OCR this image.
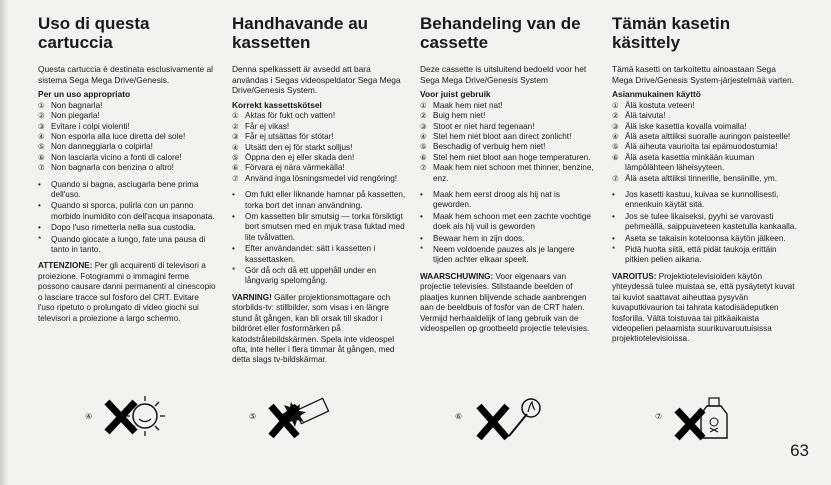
Uso di questa cartuccia

Questa cartuccia è destinata esclusivamente al sistema Sega Mega Drive/Genesis.

Per un uso appropriato

① Non bagnarla!
② Non piegarla!
③ Evitare i colpi violenti!
④ Non esporla alla luce diretta del sole!
⑤ Non danneggiarla o colpirla!
⑥ Non lasciarla vicino a fonti di calore!
⑦ Non bagnarla con benzina o altro!
•	Quando si bagna, asciugarla bene prima dell'uso.
•	Quando si sporca, pulirla con un panno morbido inumidito con dell'acqua insaponata.
•	Dopo l'uso rimetterla nella sua custodia.
*	Quando giocate a lungo, fate una pausa di tanto in tanto.

ATTENZIONE: Per gli acquirenti di televisori a proiezione. Fotogrammi o immagini ferme possono causare danni permanenti al cinescopio o lasciare tracce sul fosforo del CRT. Evitare l'uso ripetuto o prolungato di video giochi sui televisori a proiezione a largo schermo.

Handhavande au kassetten

Denna spelkassett är avsedd att bara användas i Segas videospeldator Sega Mega Drive/Genesis System.

Korrekt kassettskötsel

① Aktas för fukt och vatten!
② Får ej vikas!
③ Får ej utsättas för stötar!
④ Utsätt den ej för starkt solljus!
⑤ Öppna den ej eller skada den!
⑥ Förvara ej nära värmekälla!
⑦ Använd inga lösningsmedel vid rengöring!
•	Om fukt eller liknande hamnar på kassetten, torka bort det innan användning.
•	Om kassetten blir smutsig — torka försiktigt bort smutsen med en mjuk trasa fuktad med lite tvålvatten.
•	Efter användandet: sätt i kassetten i kassettasken.
*	Gör då och då ett uppehåll under en långvarig spelomgång.

VARNING! Gäller projektionsmottagare och storbilds-tv: stillbilder, som visas i en längre stund åt gången, kan bli orsak till skador i bildröret eller fosformärken på katodstrålebildskärmen. Spela inte videospel ofta, inte heller i flera timmar åt gången, med detta slags tv-bildskärmar.

Behandeling van de cassette

Deze cassette is uitsluitend bedoeld voor het Sega Mega Drive/Genesis System

Voor juist gebruik

① Maak hem niet nat!
② Buig hem niet!
③ Stoot er niet hard tegenaan!
④ Stel hem niet bloot aan direct zonlicht!
⑤ Beschadig of verbuig hem niet!
⑥ Stel hem niet bloot aan hoge temperaturen.
⑦ Maak hem niet schoon met thinner, benzine, enz.
•	Maak hem eerst droog als hij nat is geworden.
•	Maak hem schoon met een zachte vochtige doek als hij vuil is geworden
•	Bewaar hem in zijn doos.
*	Neem voldoende pauzes als je langere tijden achter elkaar speelt.

WAARSCHUWING: Voor eigenaars van projectie televisies. Stilstaande beelden of plaatjes kunnen blijvende schade aanbrengen aan de beeldbuis of fosfor van de CRT halen. Vermijd herhaaldelijk of lang gebruik van de videospellen op grootbeeld projectie televisies.

Tämän kasetin käsittely

Tämä kasetti on tarkoitettu ainoastaan Sega Mega Drive/Genesis System-järjestelmää varten.

Asianmukainen käyttö

① Älä kostuta veteen!
② Älä taivuta!
③ Älä iske kasettia kovalla voimalla!
④ Älä aseta alttiiksi suoralle auringon paisteelle!
⑤ Älä aiheuta vaurioita tai epämuodostumia!
⑥ Älä aseta kasettia minkään kuuman lämpölähteen läheisyyteen.
⑦ Älä aseta alttiiksi tinnerille, bensiinille, ym.
•	Jos kasetti kastuu, kuivaa se kunnollisesti, ennenkuin käytät sitä.
•	Jos se tulee likaiseksi, pyyhi se varovasti pehmeällä, saippuaveteen kastetulla kankaalla.
•	Aseta se takaisin koteloonsa käytön jälkeen.
*	Pidä huolta siitä, että pidät taukoja erittäin pitkien pelien aikana.

VAROITUS: Projektiotelevisioiden käytön yhteydessä tulee muistaa se, että pysäytetyt kuvat tai kuviot saattavat aiheuttaa pysyvän kuvaputkivaurion tai tahrata katodisädeputken fosforilla. Vältä toistuvaa tai pitkäaikaista videopelien pelaamista suurikuvaruutuisissa projektiotelevisioissa.

④	⑤	⑥	⑦
63
